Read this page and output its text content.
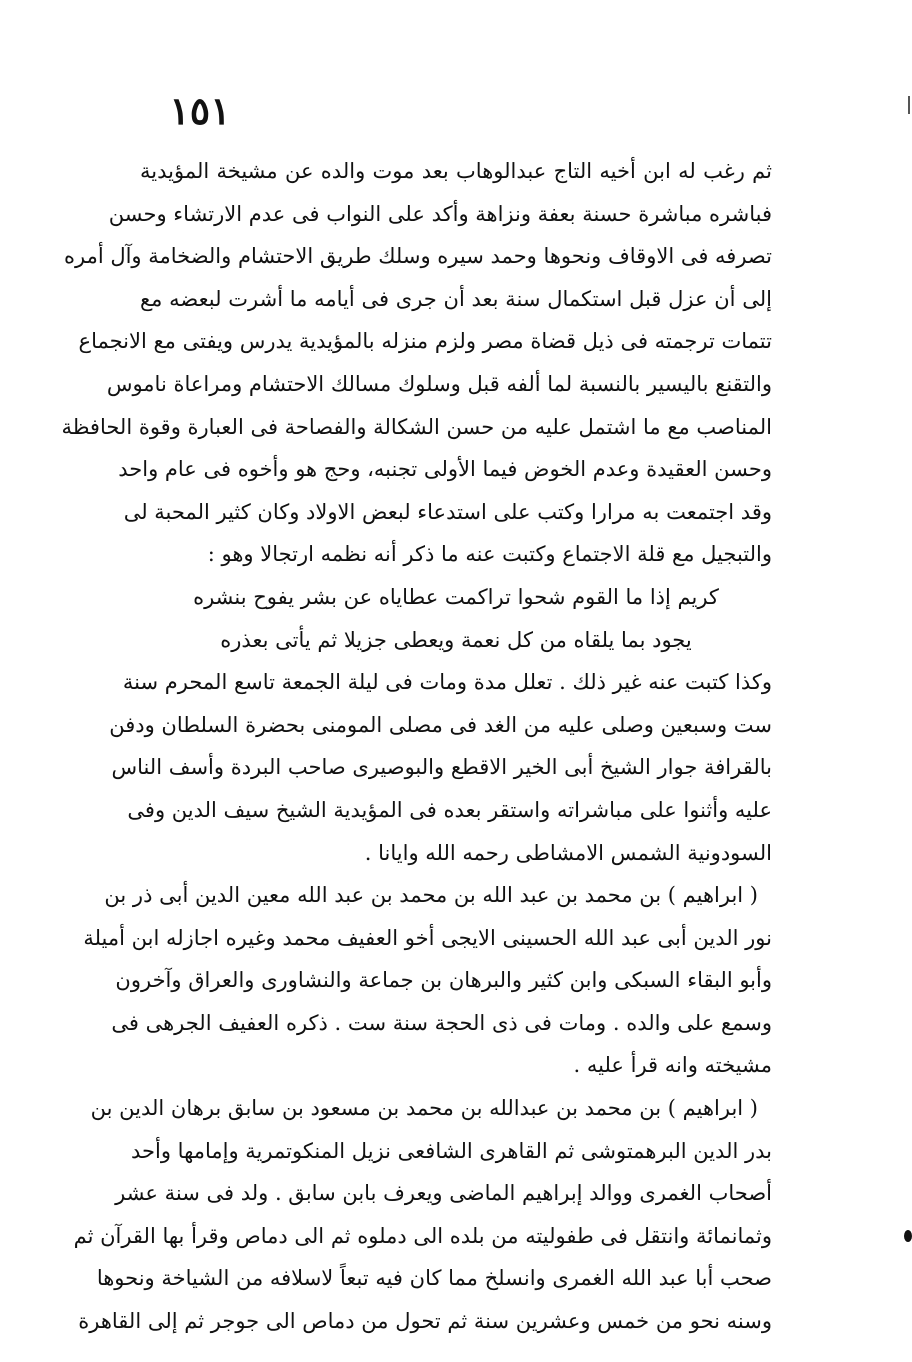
١٥١
ثم رغب له ابن أخيه التاج عبدالوهاب بعد موت والده عن مشيخة المؤيدية
فباشره مباشرة حسنة بعفة ونزاهة وأكد على النواب فى عدم الارتشاء وحسن
تصرفه فى الاوقاف ونحوها وحمد سيره وسلك طريق الاحتشام والضخامة وآل أمره
إلى أن عزل قبل استكمال سنة بعد أن جرى فى أيامه ما أشرت لبعضه مع
تتمات ترجمته فى ذيل قضاة مصر ولزم منزله بالمؤيدية يدرس ويفتى مع الانجماع
والتقنع باليسير بالنسبة لما ألفه قبل وسلوك مسالك الاحتشام ومراعاة ناموس
المناصب مع ما اشتمل عليه من حسن الشكالة والفصاحة فى العبارة وقوة الحافظة
وحسن العقيدة وعدم الخوض فيما الأولى تجنبه، وحج هو وأخوه فى عام واحد
وقد اجتمعت به مرارا وكتب على استدعاء لبعض الاولاد وكان كثير المحبة لى
والتبجيل مع قلة الاجتماع وكتبت عنه ما ذكر أنه نظمه ارتجالا وهو :
كريم إذا ما القوم شحوا تراكمت عطاياه عن بشر يفوح بنشره
يجود بما يلقاه من كل نعمة ويعطى جزيلا ثم يأتى بعذره
وكذا كتبت عنه غير ذلك . تعلل مدة ومات فى ليلة الجمعة تاسع المحرم سنة
ست وسبعين وصلى عليه من الغد فى مصلى المومنى بحضرة السلطان ودفن
بالقرافة جوار الشيخ أبى الخير الاقطع والبوصيرى صاحب البردة وأسف الناس
عليه وأثنوا على مباشراته واستقر بعده فى المؤيدية الشيخ سيف الدين وفى
السودونية الشمس الامشاطى رحمه الله وايانا .
( ابراهيم ) بن محمد بن عبد الله بن محمد بن عبد الله معين الدين أبى ذر بن
نور الدين أبى عبد الله الحسينى الايجى أخو العفيف محمد وغيره اجازله ابن أميلة
وأبو البقاء السبكى وابن كثير والبرهان بن جماعة والنشاورى والعراق وآخرون
وسمع على والده . ومات فى ذى الحجة سنة ست . ذكره العفيف الجرهى فى
مشيخته وانه قرأ عليه .
( ابراهيم ) بن محمد بن عبدالله بن محمد بن مسعود بن سابق برهان الدين بن
بدر الدين البرهمتوشى ثم القاهرى الشافعى نزيل المنكوتمرية وإمامها وأحد
أصحاب الغمرى ووالد إبراهيم الماضى ويعرف بابن سابق . ولد فى سنة عشر
وثمانمائة وانتقل فى طفوليته من بلده الى دملوه ثم الى دماص وقرأ بها القرآن ثم
صحب أبا عبد الله الغمرى وانسلخ مما كان فيه تبعاً لاسلافه من الشياخة ونحوها
وسنه نحو من خمس وعشرين سنة ثم تحول من دماص الى جوجر ثم إلى القاهرة
